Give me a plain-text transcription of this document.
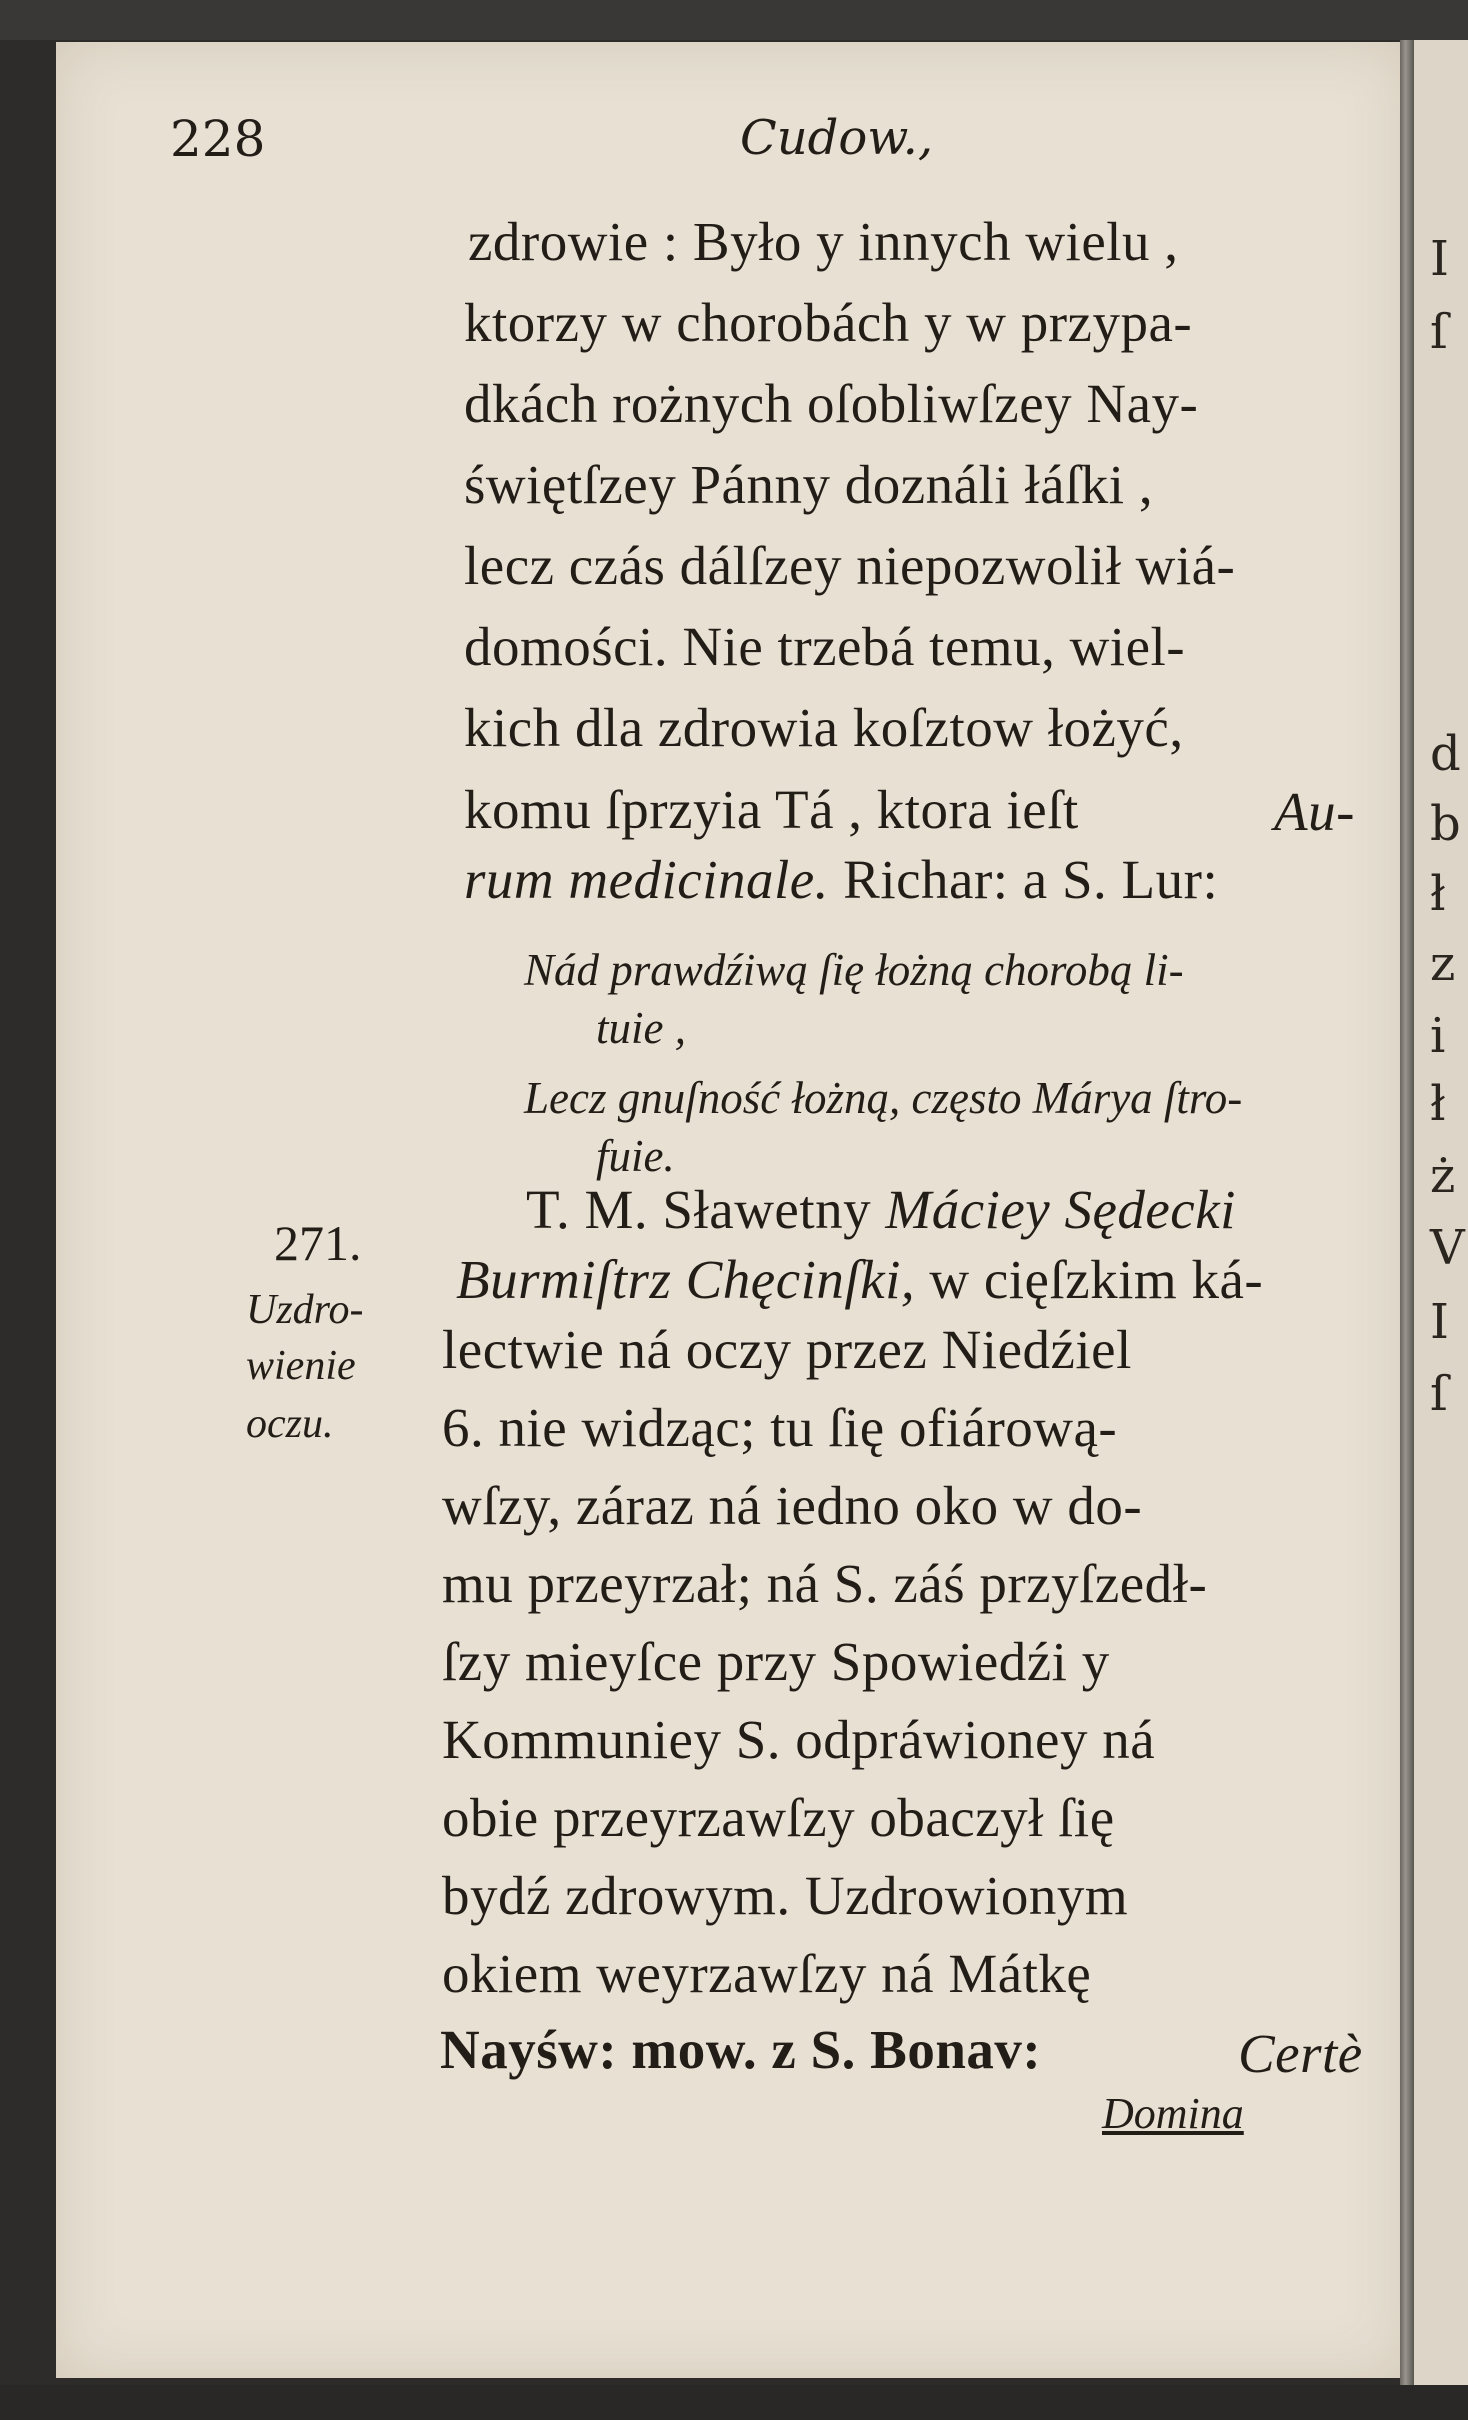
228	Cudow.,
zdrowie : Było y innych wielu ,
ktorzy w chorobách y w przypa-
dkách rożnych oſobliwſzey Nay-
świętſzey Pánny doználi łáſki ,
lecz czás dálſzey niepozwolił wiá-
domości. Nie trzebá temu, wiel-
kich dla zdrowia koſztow łożyć,
komu ſprzyia Tá , ktora ieſt	Au-
rum medicinale. Richar: a S. Lur:
Nád prawdźiwą ſię łożną chorobą li-
tuie ,
Lecz gnuſność łożną, często Márya ſtro-
fuie.
271.
Uzdro-
wienie
oczu.
T. M. Sławetny Máciey Sędecki
Burmiſtrz Chęcinſki, w cięſzkim ká-
lectwie ná oczy przez Niedźiel
6. nie widząc; tu ſię ofiárową-
wſzy, záraz ná iedno oko w do-
mu przeyrzał; ná S. záś przyſzedł-
ſzy mieyſce przy Spowiedźi y
Kommuniey S. odpráwioney ná
obie przeyrzawſzy obaczył ſię
bydź zdrowym. Uzdrowionym
okiem weyrzawſzy ná Mátkę
Nayśw: mow. z S. Bonav:	Certè
Domina
I
ſ
d
b
ł
z
i
ł
ż
V
I
ſ
